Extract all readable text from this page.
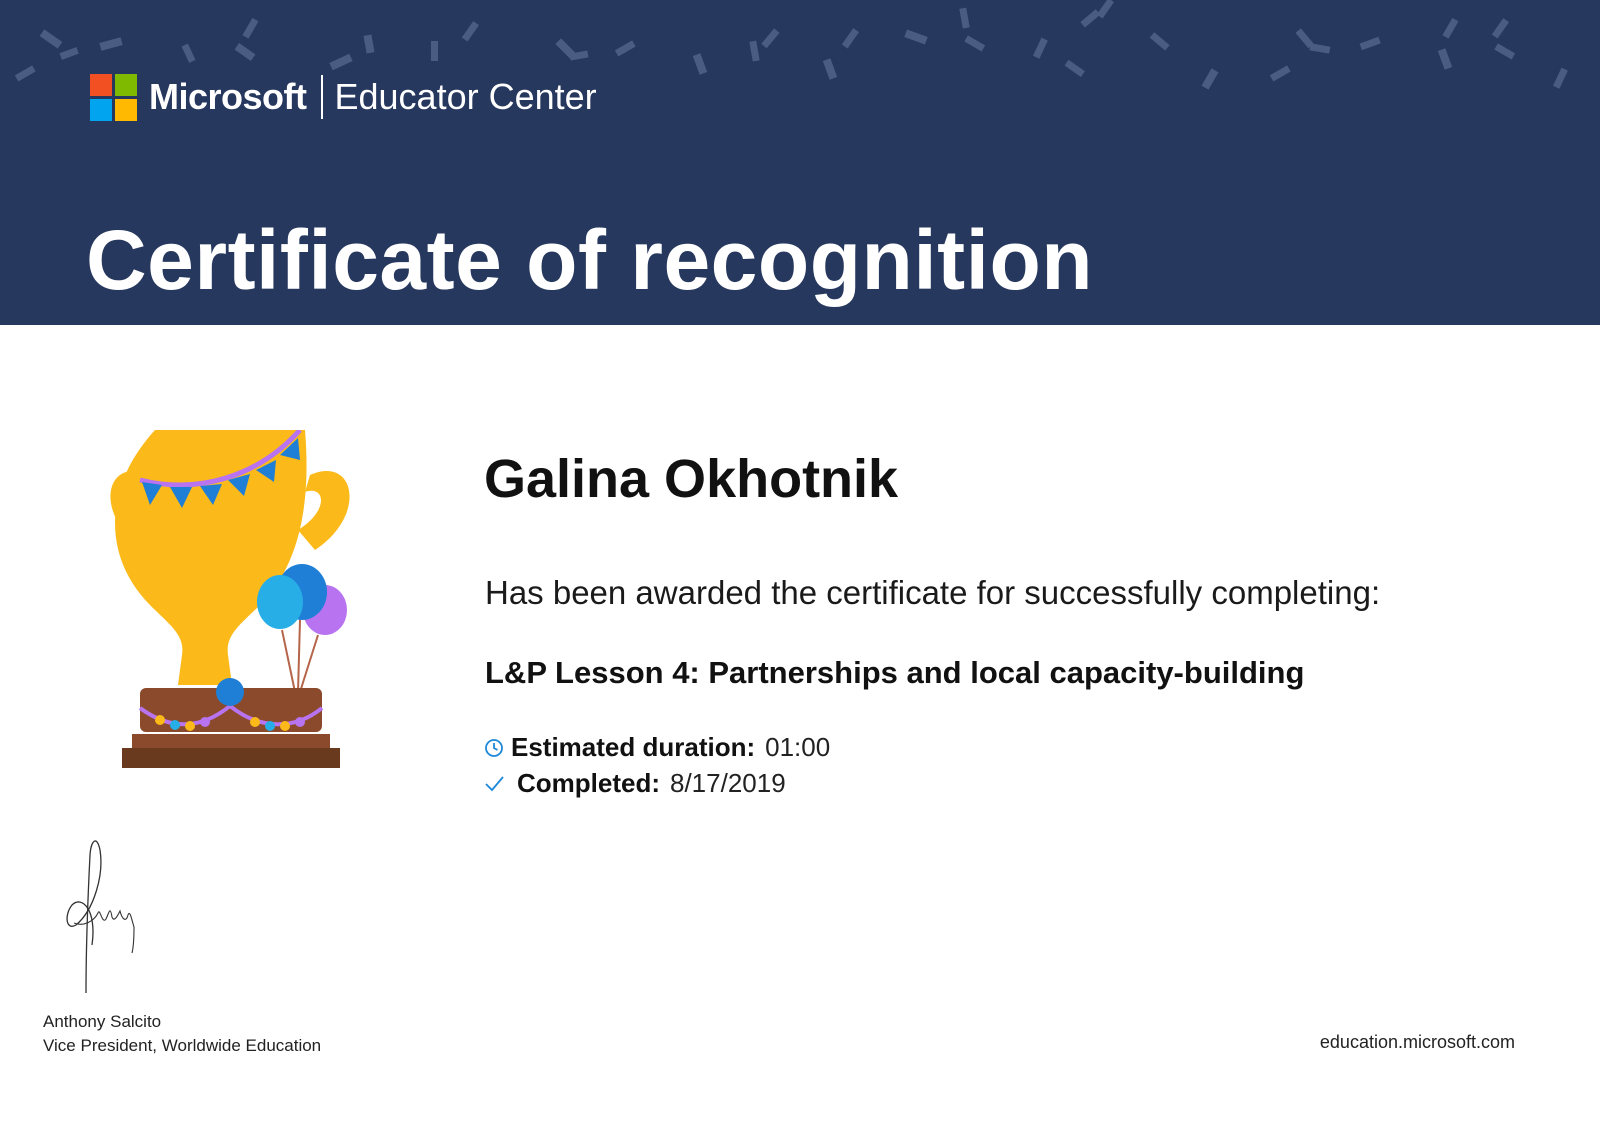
Microsoft Educator Center
Certificate of recognition
Galina Okhotnik
Has been awarded the certificate for successfully completing:
L&P Lesson 4: Partnerships and local capacity-building
Estimated duration: 01:00
Completed: 8/17/2019
Anthony Salcito
Vice President, Worldwide Education	education.microsoft.com
